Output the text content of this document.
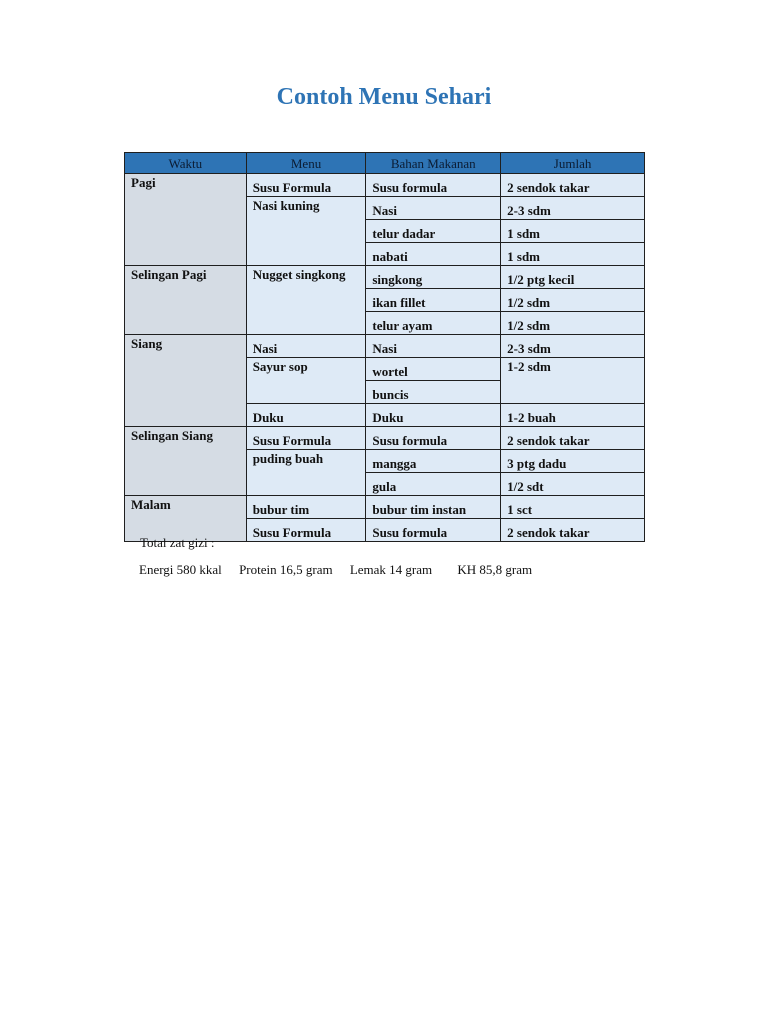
Contoh Menu Sehari
Waktu	Menu	Bahan Makanan	Jumlah
Pagi	Susu Formula	Susu formula	2 sendok takar
	Nasi kuning	Nasi	2-3 sdm
		telur dadar	1 sdm
		nabati	1 sdm
Selingan Pagi	Nugget singkong	singkong	1/2 ptg kecil
		ikan fillet	1/2 sdm
		telur ayam	1/2 sdm
Siang	Nasi	Nasi	2-3 sdm
	Sayur sop	wortel	1-2 sdm
		buncis	
	Duku	Duku	1-2 buah
Selingan Siang	Susu Formula	Susu formula	2 sendok takar
	puding buah	mangga	3 ptg dadu
		gula	1/2 sdt
Malam	bubur tim	bubur tim instan	1 sct
	Susu Formula	Susu formula	2 sendok takar

Total zat gizi :

Energi 580 kkal Protein 16,5 gram Lemak 14 gram KH 85,8 gram
